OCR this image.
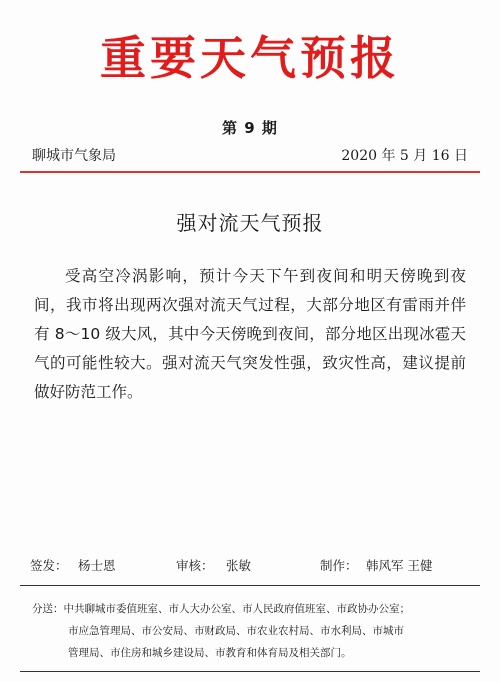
重要天气预报
第 9 期
聊城市气象局	2020 年 5 月 16 日
强对流天气预报

受高空冷涡影响，预计今天下午到夜间和明天傍晚到夜间，我市将出现两次强对流天气过程，大部分地区有雷雨并伴有 8～10 级大风，其中今天傍晚到夜间，部分地区出现冰雹天气的可能性较大。强对流天气突发性强，致灾性高，建议提前做好防范工作。

签发： 杨士恩	审核： 张敏	制作： 韩风军 王健
分送：中共聊城市委值班室、市人大办公室、市人民政府值班室、市政协办公室；
市应急管理局、市公安局、市财政局、市农业农村局、市水利局、市城市
管理局、市住房和城乡建设局、市教育和体育局及相关部门。
